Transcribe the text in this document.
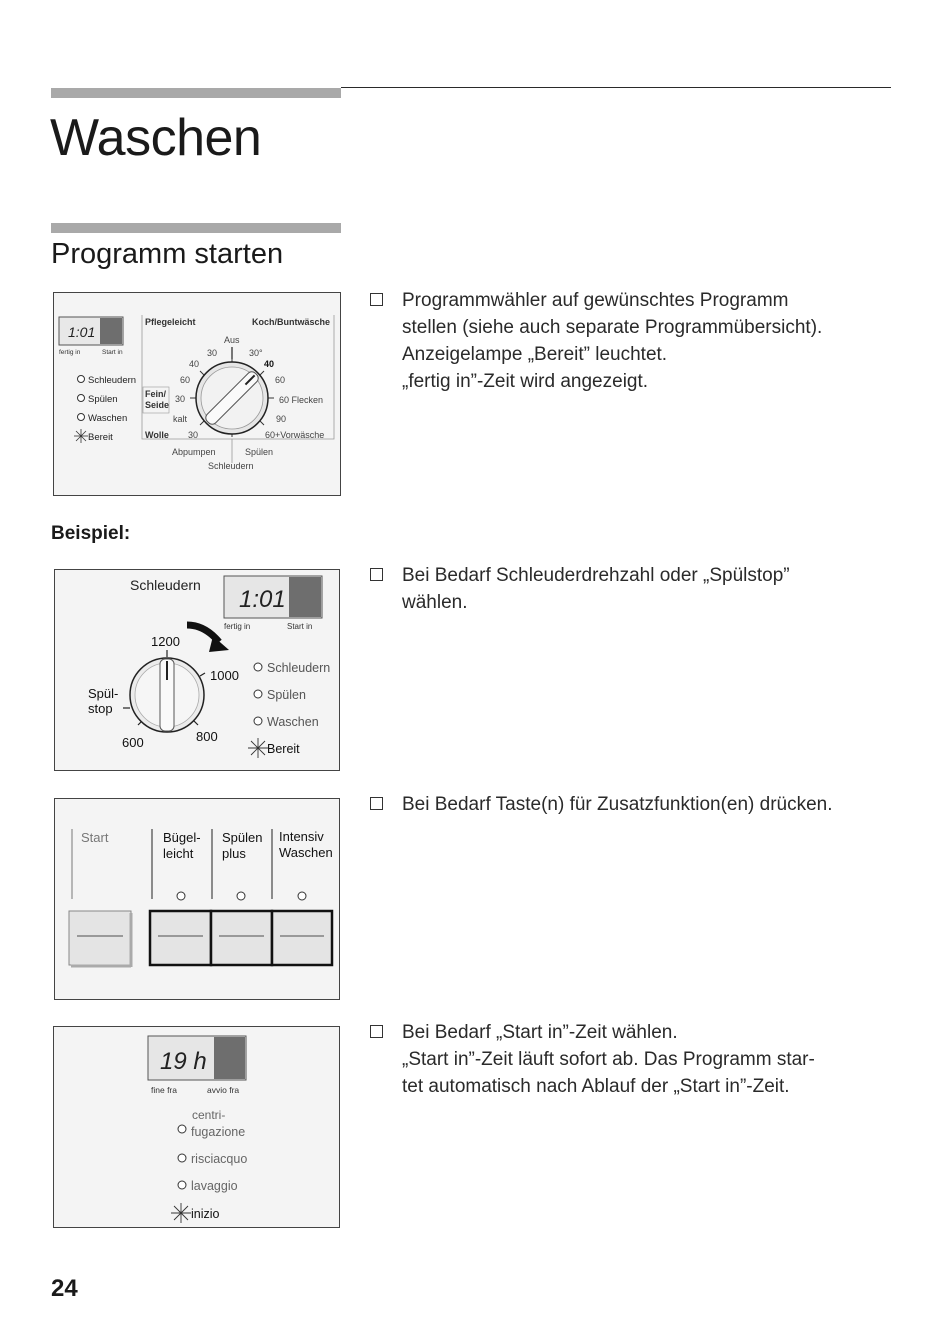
Waschen
Programm starten
Programmwähler auf gewünschtes Programm
stellen (siehe auch separate Programmübersicht).
Anzeigelampe „Bereit” leuchtet.
„fertig in”-Zeit wird angezeigt.
1:01
fertig in	Start in
Schleudern
Spülen
Waschen
Bereit
Pflegeleicht	Koch/Buntwäsche
Aus
30	30°
40	40
60	60
Fein/
Seide
30	60 Flecken
kalt	90
Wolle 30	60+Vorwäsche
Abpumpen	Spülen
Schleudern
Beispiel:
Bei Bedarf Schleuderdrehzahl oder „Spülstop”
wählen.
Schleudern
1:01
fertig in	Start in
1200
1000
800
600
Spül-
stop
Schleudern
Spülen
Waschen
Bereit
Bei Bedarf Taste(n) für Zusatzfunktion(en) drücken.
Start	Bügel-
leicht
Spülen
plus
Intensiv
Waschen
Bei Bedarf „Start in”-Zeit wählen.
„Start in”-Zeit läuft sofort ab. Das Programm star-
tet automatisch nach Ablauf der „Start in”-Zeit.
19 h
fine fra	avvio fra
centri-
fugazione
risciacquo
lavaggio
inizio
24
